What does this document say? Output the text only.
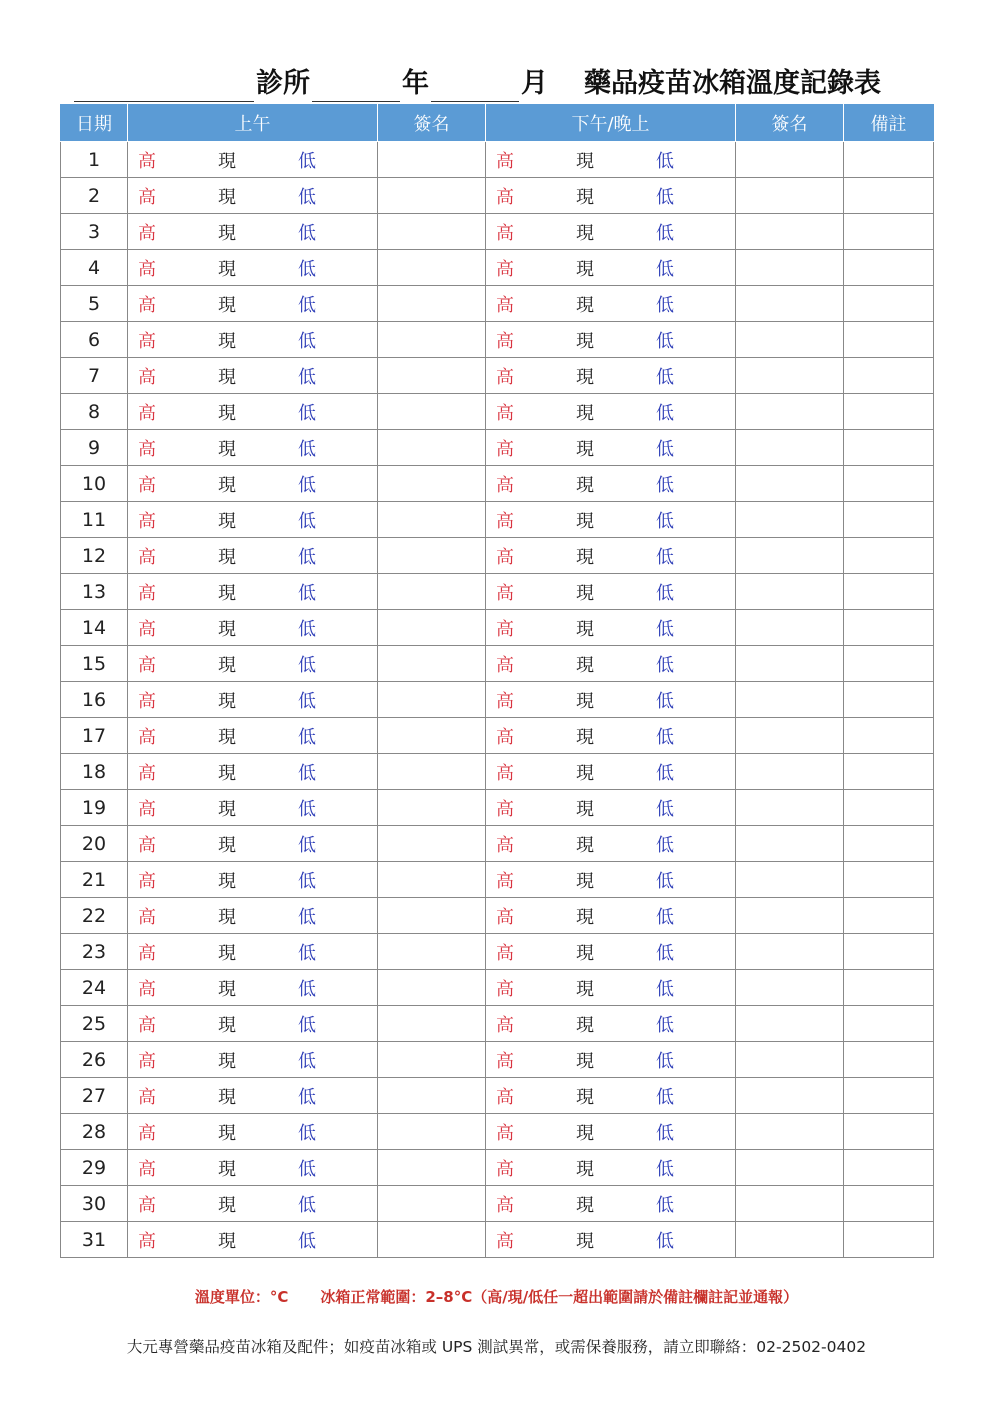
診所	年	月 藥品疫苗冰箱溫度記錄表
日期	上午	簽名	下午/晚上	簽名	備註
1	高 現 低		高 現 低		

2	高 現 低		高 現 低		

3	高 現 低		高 現 低		

4	高 現 低		高 現 低		

5	高 現 低		高 現 低		

6	高 現 低		高 現 低		

7	高 現 低		高 現 低		

8	高 現 低		高 現 低		

9	高 現 低		高 現 低		

10	高 現 低		高 現 低		

11	高 現 低		高 現 低		

12	高 現 低		高 現 低		

13	高 現 低		高 現 低		

14	高 現 低		高 現 低		

15	高 現 低		高 現 低		

16	高 現 低		高 現 低		

17	高 現 低		高 現 低		

18	高 現 低		高 現 低		

19	高 現 低		高 現 低		

20	高 現 低		高 現 低		

21	高 現 低		高 現 低		

22	高 現 低		高 現 低		

23	高 現 低		高 現 低		

24	高 現 低		高 現 低		

25	高 現 低		高 現 低		

26	高 現 低		高 現 低		

27	高 現 低		高 現 低		

28	高 現 低		高 現 低		

29	高 現 低		高 現 低		

30	高 現 低		高 現 低		

31	高 現 低		高 現 低		

溫度單位：°C 冰箱正常範圍：2–8°C（高/現/低任一超出範圍請於備註欄註記並通報）
大元專營藥品疫苗冰箱及配件；如疫苗冰箱或 UPS 測試異常，或需保養服務，請立即聯絡：02-2502-0402
